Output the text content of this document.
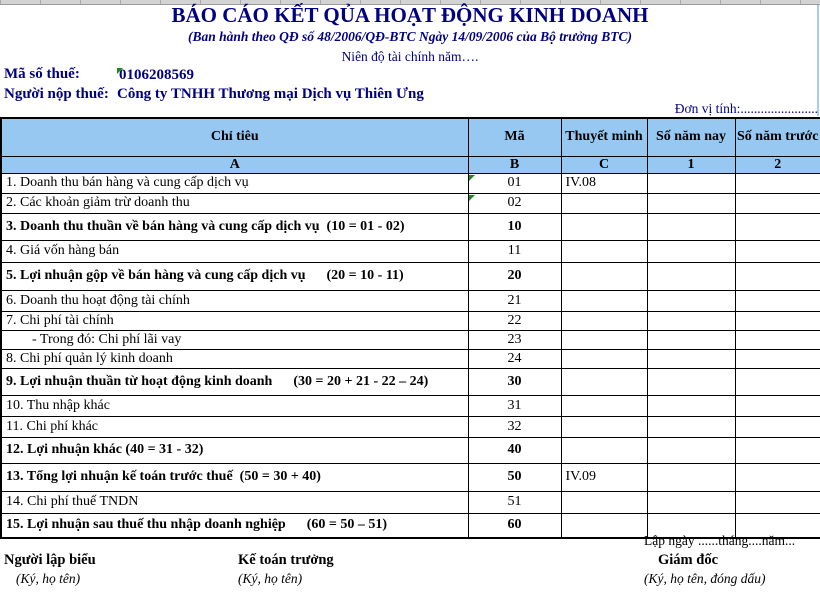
BÁO CÁO KẾT QỦA HOẠT ĐỘNG KINH DOANH
(Ban hành theo QĐ số 48/2006/QĐ-BTC Ngày 14/09/2006 của Bộ trưởng BTC)
Niên độ tài chính năm….
Mã số thuế:	0106208569
Người nộp thuế: Công ty TNHH Thương mại Dịch vụ Thiên Ưng
Đơn vị tính:.......................
Chỉ tiêu	Mã	Thuyết minh	Số năm nay	Số năm trước
A	B	C	1	2
1. Doanh thu bán hàng và cung cấp dịch vụ	01	IV.08		
2. Các khoản giảm trừ doanh thu	02			
3. Doanh thu thuần về bán hàng và cung cấp dịch vụ  (10 = 01 - 02)	10			
4. Giá vốn hàng bán	11			
5. Lợi nhuận gộp về bán hàng và cung cấp dịch vụ      (20 = 10 - 11)	20			
6. Doanh thu hoạt động tài chính	21			
7. Chi phí tài chính	22			
- Trong đó: Chi phí lãi vay	23			
8. Chi phí quản lý kinh doanh	24			
9. Lợi nhuận thuần từ hoạt động kinh doanh      (30 = 20 + 21 - 22 – 24)	30			
10. Thu nhập khác	31			
11. Chi phí khác	32			
12. Lợi nhuận khác (40 = 31 - 32)	40			
13. Tổng lợi nhuận kế toán trước thuế  (50 = 30 + 40)	50	IV.09		
14. Chi phí thuế TNDN	51			
15. Lợi nhuận sau thuế thu nhập doanh nghiệp      (60 = 50 – 51)	60			
Lập ngày ......tháng....năm...
Người lập biểu
(Ký, họ tên)
Kế toán trưởng
(Ký, họ tên)
Giám đốc
(Ký, họ tên, đóng dấu)
